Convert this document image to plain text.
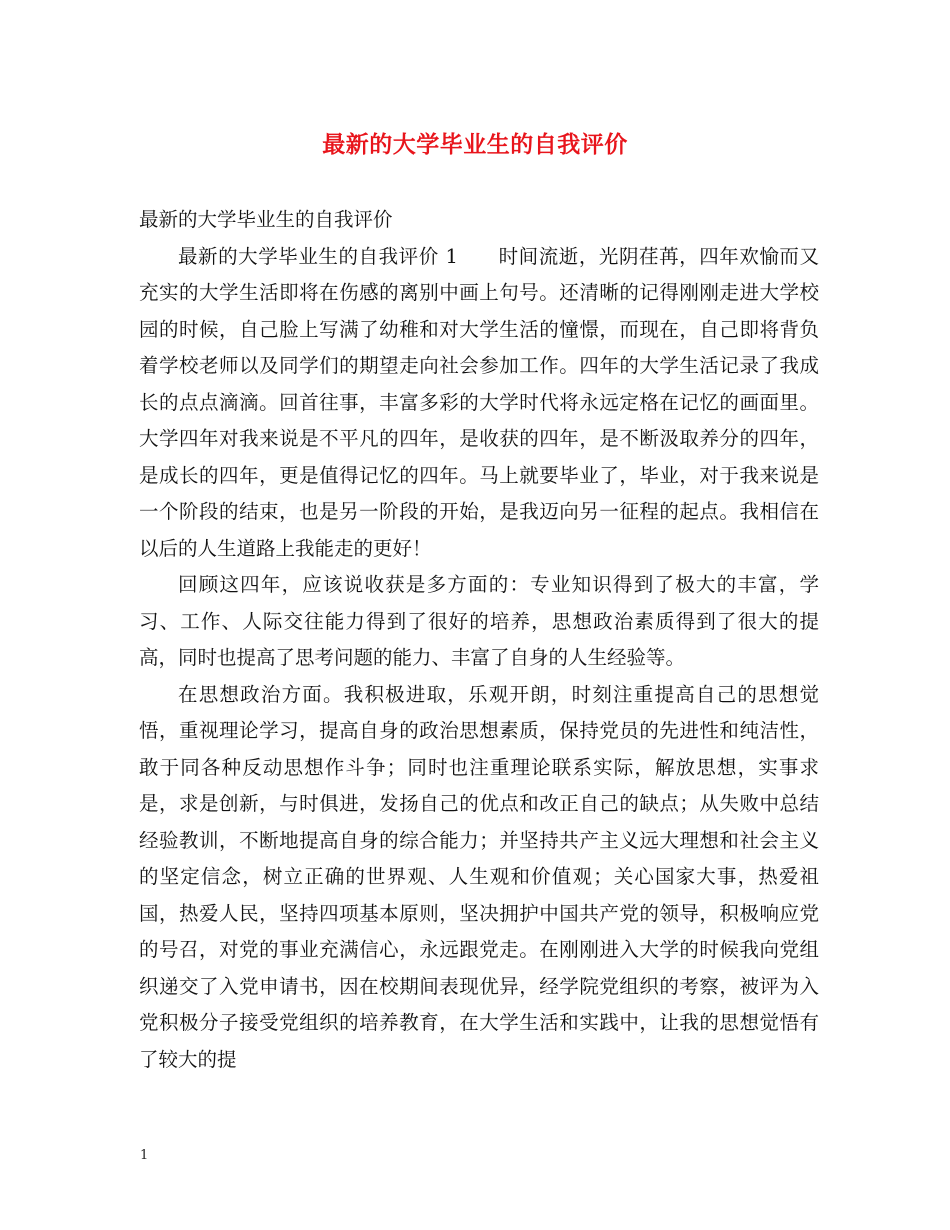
最新的大学毕业生的自我评价

最新的大学毕业生的自我评价

最新的大学毕业生的自我评价 1　　时间流逝，光阴荏苒，四年欢愉而又充实的大学生活即将在伤感的离别中画上句号。还清晰的记得刚刚走进大学校园的时候，自己脸上写满了幼稚和对大学生活的憧憬，而现在，自己即将背负着学校老师以及同学们的期望走向社会参加工作。四年的大学生活记录了我成长的点点滴滴。回首往事，丰富多彩的大学时代将永远定格在记忆的画面里。大学四年对我来说是不平凡的四年，是收获的四年，是不断汲取养分的四年，是成长的四年，更是值得记忆的四年。马上就要毕业了，毕业，对于我来说是一个阶段的结束，也是另一阶段的开始，是我迈向另一征程的起点。我相信在以后的人生道路上我能走的更好！

回顾这四年，应该说收获是多方面的：专业知识得到了极大的丰富，学习、工作、人际交往能力得到了很好的培养，思想政治素质得到了很大的提高，同时也提高了思考问题的能力、丰富了自身的人生经验等。

在思想政治方面。我积极进取，乐观开朗，时刻注重提高自己的思想觉悟，重视理论学习，提高自身的政治思想素质，保持党员的先进性和纯洁性，敢于同各种反动思想作斗争；同时也注重理论联系实际，解放思想，实事求是，求是创新，与时俱进，发扬自己的优点和改正自己的缺点；从失败中总结经验教训，不断地提高自身的综合能力；并坚持共产主义远大理想和社会主义的坚定信念，树立正确的世界观、人生观和价值观；关心国家大事，热爱祖国，热爱人民，坚持四项基本原则，坚决拥护中国共产党的领导，积极响应党的号召，对党的事业充满信心，永远跟党走。在刚刚进入大学的时候我向党组织递交了入党申请书，因在校期间表现优异，经学院党组织的考察，被评为入党积极分子接受党组织的培养教育，在大学生活和实践中，让我的思想觉悟有了较大的提

1
